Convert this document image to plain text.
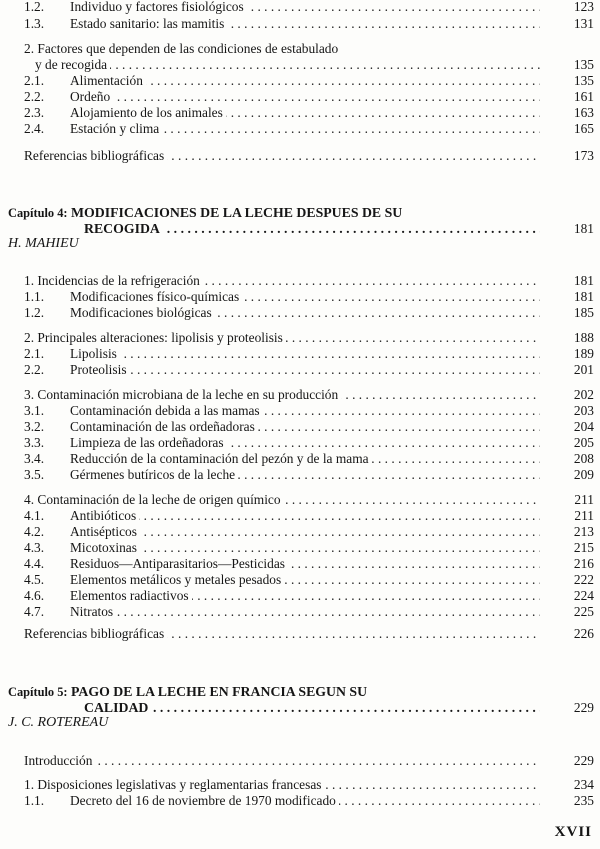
1.2. Individuo y factores fisiológicos . . .	123
1.3. Estado sanitario: las mamitis . . .	131
2. Factores que dependen de las condiciones de estabulado
y de recogida . . .	135
2.1. Alimentación . . .	135
2.2. Ordeño . . .	161
2.3. Alojamiento de los animales . . .	163
2.4. Estación y clima . . .	165
Referencias bibliográficas . . .	173
Capítulo 4: MODIFICACIONES DE LA LECHE DESPUES DE SU
RECOGIDA . . .	181
H. MAHIEU
1. Incidencias de la refrigeración . . .	181
1.1. Modificaciones físico-químicas . . .	181
1.2. Modificaciones biológicas . . .	185
2. Principales alteraciones: lipolisis y proteolisis . . .	188
2.1. Lipolisis . . .	189
2.2. Proteolisis . . .	201
3. Contaminación microbiana de la leche en su producción . . .	202
3.1. Contaminación debida a las mamas . . .	203
3.2. Contaminación de las ordeñadoras . . .	204
3.3. Limpieza de las ordeñadoras . . .	205
3.4. Reducción de la contaminación del pezón y de la mama . . .	208
3.5. Gérmenes butíricos de la leche . . .	209
4. Contaminación de la leche de origen químico . . .	211
4.1. Antibióticos . . .	211
4.2. Antisépticos . . .	213
4.3. Micotoxinas . . .	215
4.4. Residuos—Antiparasitarios—Pesticidas . . .	216
4.5. Elementos metálicos y metales pesados . . .	222
4.6. Elementos radiactivos . . .	224
4.7. Nitratos . . .	225
Referencias bibliográficas . . .	226
Capítulo 5: PAGO DE LA LECHE EN FRANCIA SEGUN SU
CALIDAD . . .	229
J. C. ROTEREAU
Introducción . . .	229
1. Disposiciones legislativas y reglamentarias francesas . . .	234
1.1. Decreto del 16 de noviembre de 1970 modificado . . .	235
XVII
